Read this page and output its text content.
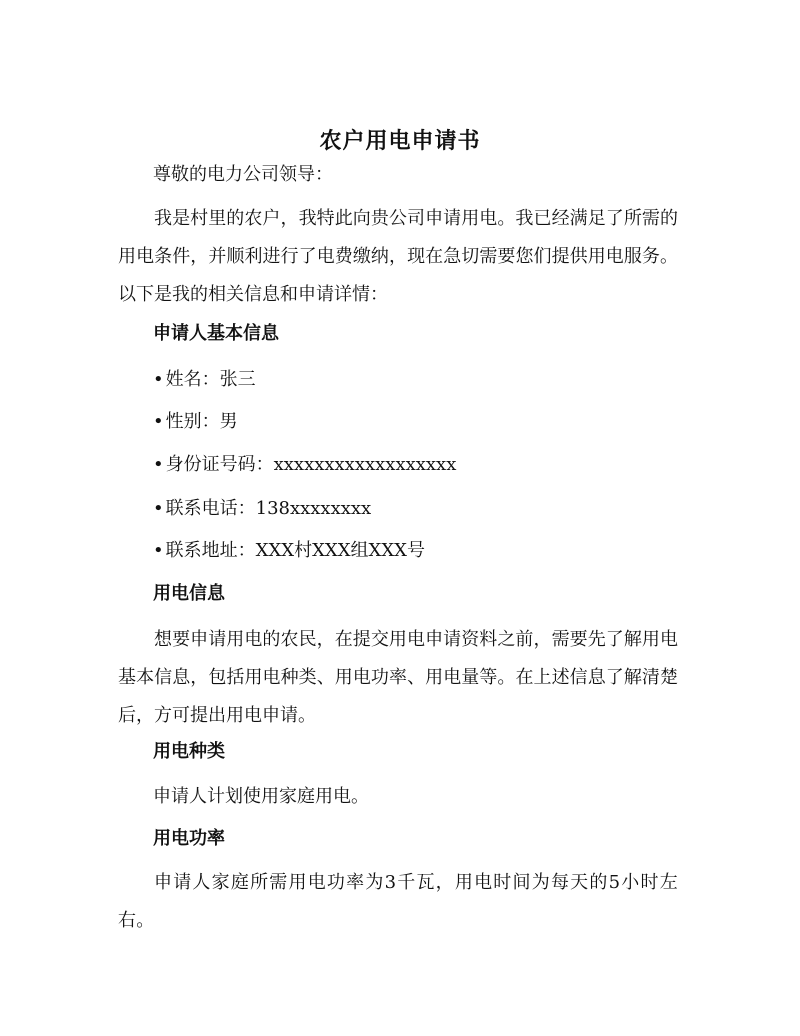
农户用电申请书
尊敬的电力公司领导：
我是村里的农户，我特此向贵公司申请用电。我已经满足了所需的用电条件，并顺利进行了电费缴纳，现在急切需要您们提供用电服务。以下是我的相关信息和申请详情：
申请人基本信息
• 姓名：张三
• 性别：男
• 身份证号码：xxxxxxxxxxxxxxxxxx
• 联系电话：138xxxxxxxx
• 联系地址：XXX村XXX组XXX号
用电信息
想要申请用电的农民，在提交用电申请资料之前，需要先了解用电基本信息，包括用电种类、用电功率、用电量等。在上述信息了解清楚后，方可提出用电申请。
用电种类
申请人计划使用家庭用电。
用电功率
申请人家庭所需用电功率为3千瓦，用电时间为每天的5小时左右。
